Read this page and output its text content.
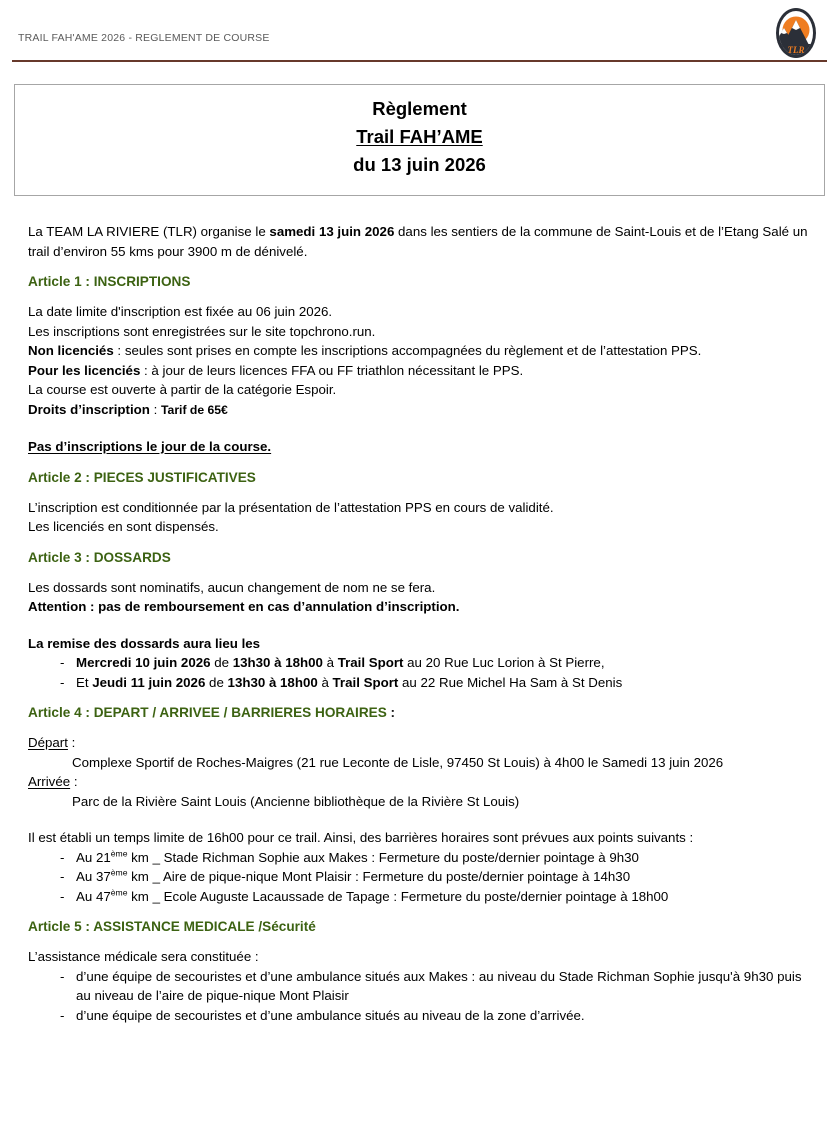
TRAIL FAH'AME 2026 - REGLEMENT DE COURSE
TLR
Règlement
Trail FAH’AME
du 13 juin 2026

La TEAM LA RIVIERE (TLR) organise le samedi 13 juin 2026 dans les sentiers de la commune de Saint-Louis et de l’Etang Salé un trail d’environ 55 kms pour 3900 m de dénivelé.

Article 1 : INSCRIPTIONS

La date limite d'inscription est fixée au 06 juin 2026.

Les inscriptions sont enregistrées sur le site topchrono.run.

Non licenciés : seules sont prises en compte les inscriptions accompagnées du règlement et de l’attestation PPS.

Pour les licenciés : à jour de leurs licences FFA ou FF triathlon nécessitant le PPS.

La course est ouverte à partir de la catégorie Espoir.

Droits d’inscription : Tarif de 65€

Pas d’inscriptions le jour de la course.

Article 2 : PIECES JUSTIFICATIVES

L’inscription est conditionnée par la présentation de l’attestation PPS en cours de validité.

Les licenciés en sont dispensés.

Article 3 : DOSSARDS

Les dossards sont nominatifs, aucun changement de nom ne se fera.

Attention : pas de remboursement en cas d’annulation d’inscription.

La remise des dossards aura lieu les

- Mercredi 10 juin 2026 de 13h30 à 18h00 à Trail Sport au 20 Rue Luc Lorion à St Pierre,
- Et Jeudi 11 juin 2026 de 13h30 à 18h00 à Trail Sport au 22 Rue Michel Ha Sam à St Denis

Article 4 : DEPART / ARRIVEE / BARRIERES HORAIRES :

Départ :

Complexe Sportif de Roches-Maigres (21 rue Leconte de Lisle, 97450 St Louis) à 4h00 le Samedi 13 juin 2026

Arrivée :

Parc de la Rivière Saint Louis (Ancienne bibliothèque de la Rivière St Louis)

Il est établi un temps limite de 16h00 pour ce trail. Ainsi, des barrières horaires sont prévues aux points suivants :

- Au 21ème km _ Stade Richman Sophie aux Makes : Fermeture du poste/dernier pointage à 9h30
- Au 37ème km _ Aire de pique-nique Mont Plaisir : Fermeture du poste/dernier pointage à 14h30
- Au 47ème km _ Ecole Auguste Lacaussade de Tapage : Fermeture du poste/dernier pointage à 18h00

Article 5 : ASSISTANCE MEDICALE /Sécurité

L’assistance médicale sera constituée :

- d’une équipe de secouristes et d’une ambulance situés aux Makes : au niveau du Stade Richman Sophie jusqu'à 9h30 puis au niveau de l’aire de pique-nique Mont Plaisir
- d’une équipe de secouristes et d’une ambulance situés au niveau de la zone d’arrivée.
